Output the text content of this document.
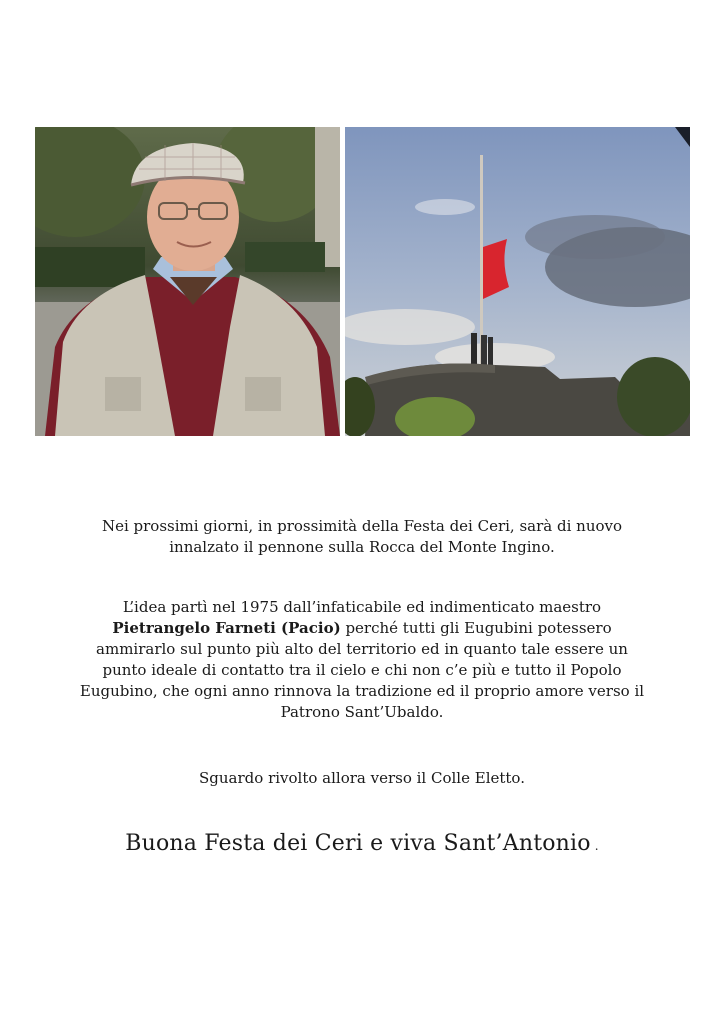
Nei prossimi giorni, in prossimità della Festa dei Ceri, sarà di nuovo

innalzato il pennone sulla Rocca del Monte Ingino.

L’idea partì nel 1975 dall’infaticabile ed indimenticato maestro

Pietrangelo Farneti (Pacio) perché tutti gli Eugubini potessero

ammirarlo sul punto più alto del territorio ed in quanto tale essere un

punto ideale di contatto tra il cielo e chi non c’e più e tutto il Popolo

Eugubino, che ogni anno rinnova la tradizione ed il proprio amore verso il

Patrono Sant’Ubaldo.

Sguardo rivolto allora verso il Colle Eletto.

Buona Festa dei Ceri e viva Sant’Antonio .
